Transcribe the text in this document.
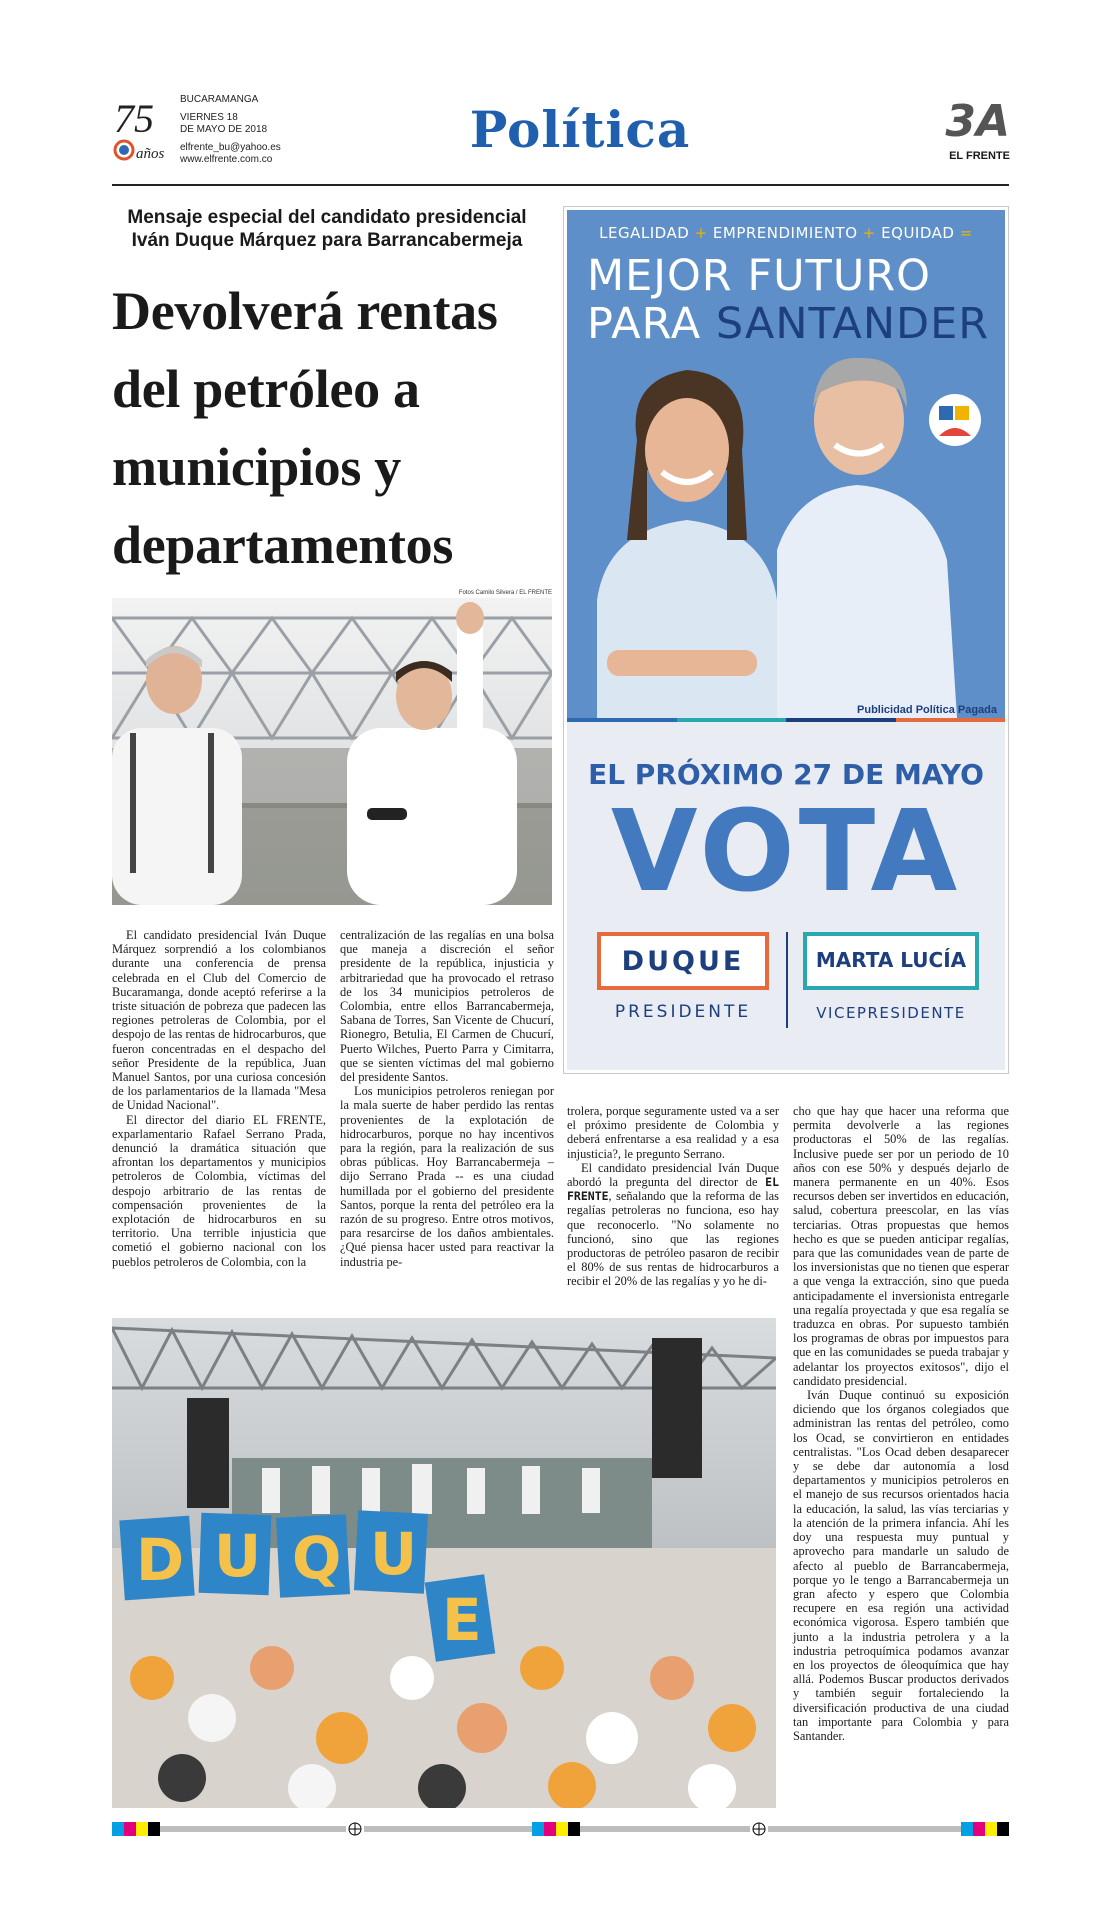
75
años
BUCARAMANGA
VIERNES 18
DE MAYO DE 2018
elfrente_bu@yahoo.es
www.elfrente.com.co
Política	3A
EL FRENTE
Mensaje especial del candidato presidencial
Iván Duque Márquez para Barrancabermeja
Devolverá rentas
del petróleo a
municipios y
departamentos
Fotos Camilo Silvera / EL FRENTE

El candidato presidencial Iván Duque Márquez sorprendió a los colombianos durante una conferencia de prensa celebrada en el Club del Comercio de Bucaramanga, donde aceptó referirse a la triste situación de pobreza que padecen las regiones petroleras de Colombia, por el despojo de las rentas de hidrocarburos, que fueron concentradas en el despacho del señor Presidente de la república, Juan Manuel Santos, por una curiosa concesión de los parlamentarios de la llamada "Mesa de Unidad Nacional".

El director del diario EL FRENTE, exparlamentario Rafael Serrano Prada, denunció la dramática situación que afrontan los departamentos y municipios petroleros de Colombia, víctimas del despojo arbitrario de las rentas de compensación provenientes de la explotación de hidrocarburos en su territorio. Una terrible injusticia que cometió el gobierno nacional con los pueblos petroleros de Colombia, con la

centralización de las regalías en una bolsa que maneja a discreción el señor presidente de la república, injusticia y arbitrariedad que ha provocado el retraso de los 34 municipios petroleros de Colombia, entre ellos Barrancabermeja, Sabana de Torres, San Vicente de Chucurí, Rionegro, Betulia, El Carmen de Chucurí, Puerto Wilches, Puerto Parra y Cimitarra, que se sienten víctimas del mal gobierno del presidente Santos.

Los municipios petroleros reniegan por la mala suerte de haber perdido las rentas provenientes de la explotación de hidrocarburos, porque no hay incentivos para la región, para la realización de sus obras públicas. Hoy Barrancabermeja –dijo Serrano Prada -- es una ciudad humillada por el gobierno del presidente Santos, porque la renta del petróleo era la razón de su progreso. Entre otros motivos, para resarcirse de los daños ambientales. ¿Qué piensa hacer usted para reactivar la industria pe-

trolera, porque seguramente usted va a ser el próximo presidente de Colombia y deberá enfrentarse a esa realidad y a esa injusticia?, le pregunto Serrano.

El candidato presidencial Iván Duque abordó la pregunta del director de EL FRENTE, señalando que la reforma de las regalías petroleras no funciona, eso hay que reconocerlo. "No solamente no funcionó, sino que las regiones productoras de petróleo pasaron de recibir el 80% de sus rentas de hidrocarburos a recibir el 20% de las regalías y yo he di-

cho que hay que hacer una reforma que permita devolverle a las regiones productoras el 50% de las regalías. Inclusive puede ser por un periodo de 10 años con ese 50% y después dejarlo de manera permanente en un 40%. Esos recursos deben ser invertidos en educación, salud, cobertura preescolar, en las vías terciarias. Otras propuestas que hemos hecho es que se pueden anticipar regalías, para que las comunidades vean de parte de los inversionistas que no tienen que esperar a que venga la extracción, sino que pueda anticipadamente el inversionista entregarle una regalía proyectada y que esa regalía se traduzca en obras. Por supuesto también los programas de obras por impuestos para que en las comunidades se pueda trabajar y adelantar los proyectos exitosos", dijo el candidato presidencial.

Iván Duque continuó su exposición diciendo que los órganos colegiados que administran las rentas del petróleo, como los Ocad, se convirtieron en entidades centralistas. "Los Ocad deben desaparecer y se debe dar autonomía a losd departamentos y municipios petroleros en el manejo de sus recursos orientados hacia la educación, la salud, las vías terciarias y la atención de la primera infancia. Ahí les doy una respuesta muy puntual y aprovecho para mandarle un saludo de afecto al pueblo de Barrancabermeja, porque yo le tengo a Barrancabermeja un gran afecto y espero que Colombia recupere en esa región una actividad económica vigorosa. Espero también que junto a la industria petrolera y a la industria petroquímica podamos avanzar en los proyectos de óleoquímica que hay allá. Podemos Buscar productos derivados y también seguir fortaleciendo la diversificación productiva de una ciudad tan importante para Colombia y para Santander.

LEGALIDAD + EMPRENDIMIENTO + EQUIDAD =
MEJOR FUTURO
PARA SANTANDER
Publicidad Política Pagada
EL PRÓXIMO 27 DE MAYO
VOTA
DUQUE
PRESIDENTE
MARTA LUCÍA
VICEPRESIDENTE
D U Q U
E
